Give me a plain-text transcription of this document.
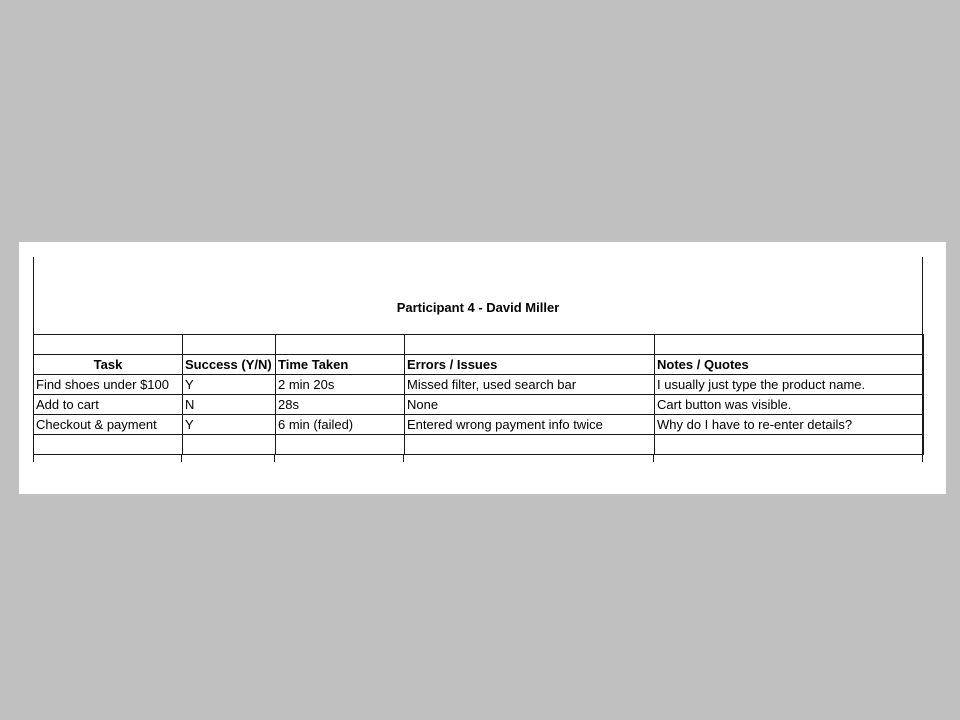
Participant 4 - David Miller

Task	Success (Y/N)	Time Taken	Errors / Issues	Notes / Quotes
Find shoes under $100	Y	2 min 20s	Missed filter, used search bar	I usually just type the product name.
Add to cart	N	28s	None	Cart button was visible.
Checkout & payment	Y	6 min (failed)	Entered wrong payment info twice	Why do I have to re-enter details?
